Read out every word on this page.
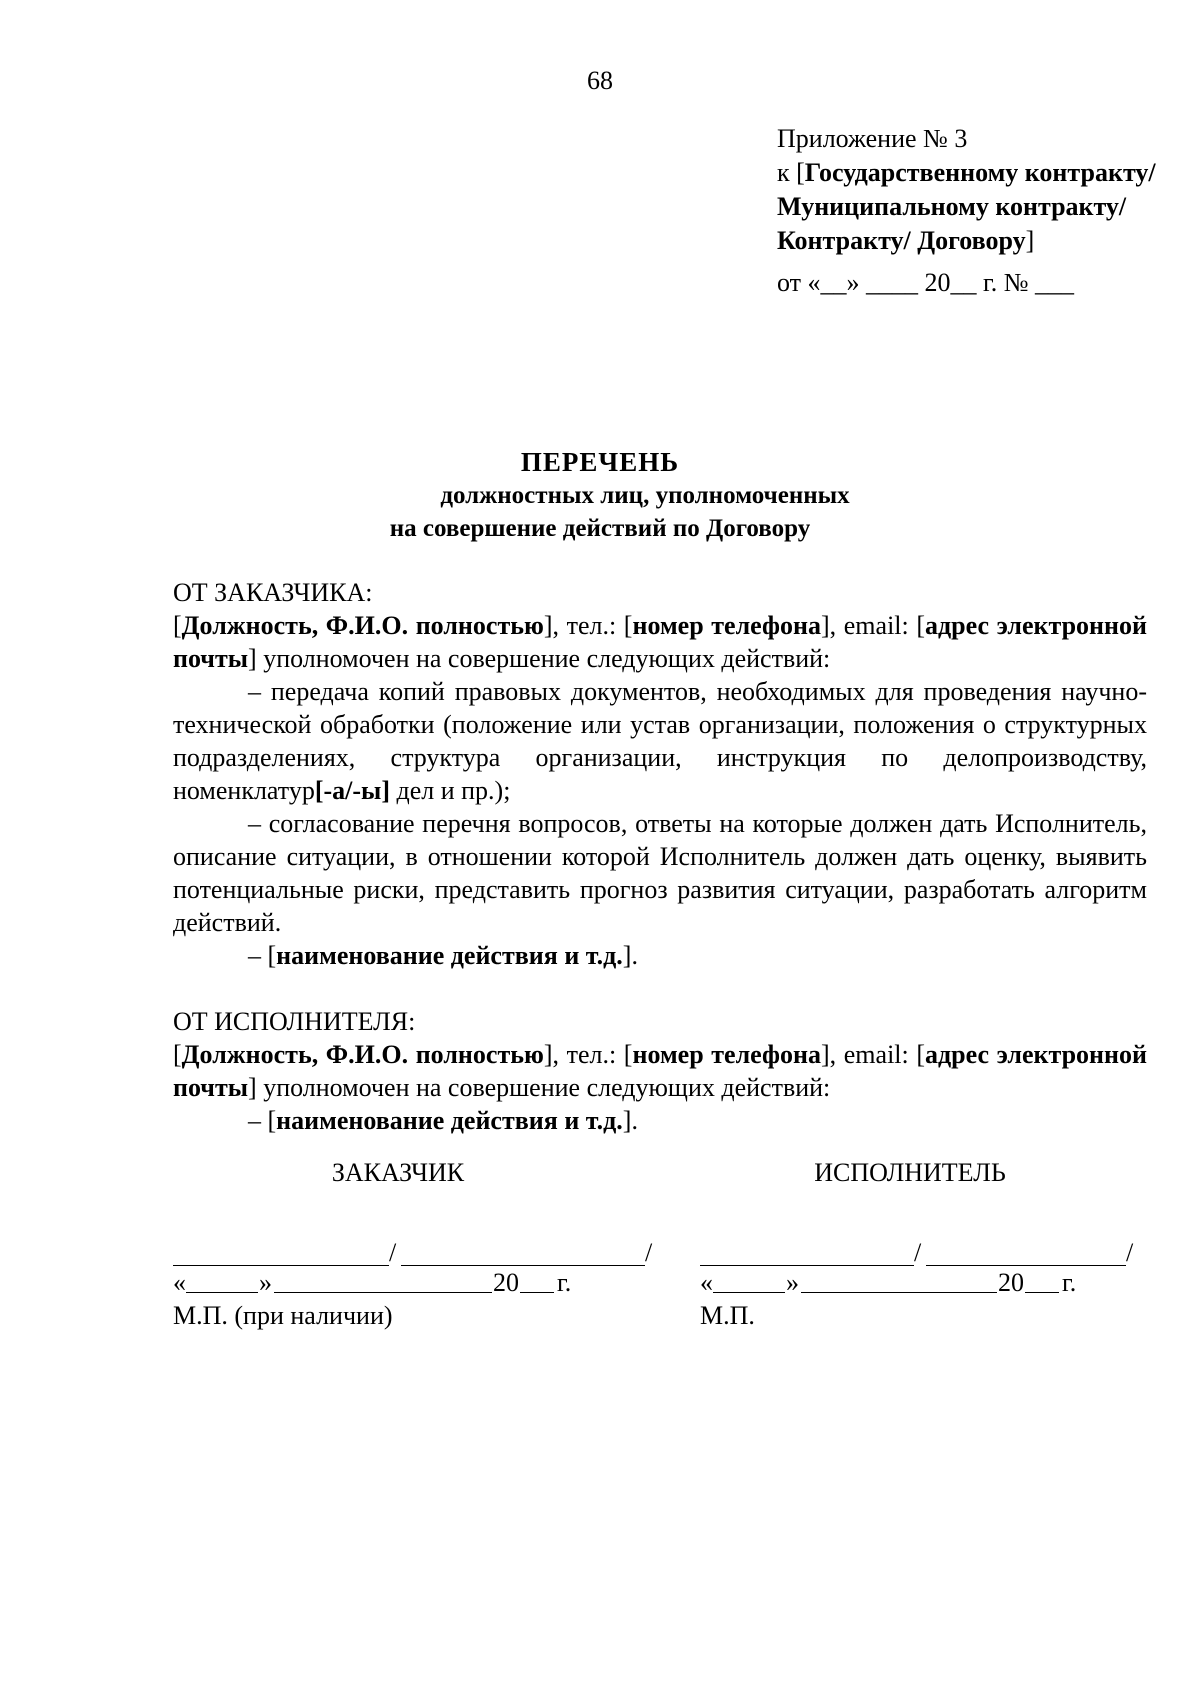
68
Приложение № 3
к [Государственному контракту/Муниципальному контракту/Контракту/ Договору]
от «__» ____ 20__ г. № ___
ПЕРЕЧЕНЬ
должностных лиц, уполномоченных
на совершение действий по Договору

ОТ ЗАКАЗЧИКА:

[Должность, Ф.И.О. полностью], тел.: [номер телефона], email: [адрес электронной почты] уполномочен на совершение следующих действий:

– передача копий правовых документов, необходимых для проведения научно-технической обработки (положение или устав организации, положения о структурных подразделениях, структура организации, инструкция по делопроизводству, номенклатур[-а/-ы] дел и пр.);

– согласование перечня вопросов, ответы на которые должен дать Исполнитель, описание ситуации, в отношении которой Исполнитель должен дать оценку, выявить потенциальные риски, представить прогноз развития ситуации, разработать алгоритм действий.

– [наименование действия и т.д.].

ОТ ИСПОЛНИТЕЛЯ:

[Должность, Ф.И.О. полностью], тел.: [номер телефона], email: [адрес электронной почты] уполномочен на совершение следующих действий:

– [наименование действия и т.д.].

ЗАКАЗЧИК
/	/
«	»	20 г.
М.П. (при наличии)
ИСПОЛНИТЕЛЬ
/	/
«	»	20 г.
М.П.
